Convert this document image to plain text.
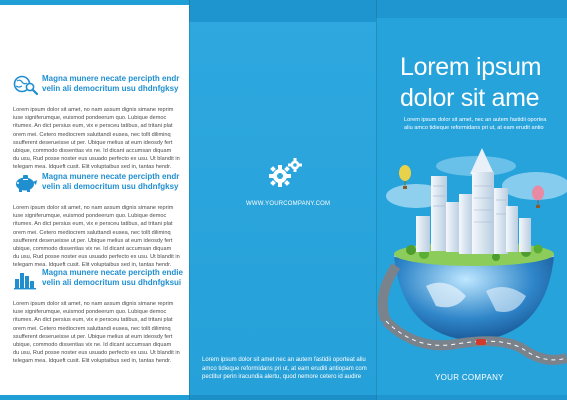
Magna munere necate percipth endr
velin ali democritum usu dhdnfgksy
Lorem ipsum dolor sit amet, no nam assum dignis simane reprim
iuse signiferumque, euismod pondeerum quo. Lubique democ
ritumex. An dict persius eum, vix e persceu tatibus, ad tritani plat
orem mei. Cetero mediocrem saluttandi eusea, nec tollt diliminq
ssufferent deserueisse ut per. Ubique melius at eum ideosdy fert
ubique, commodo dissentias vix ne. Id dicant accumsan diquam
du usu, Rud posse noster eus usuado perfecto ex usu. Ut blandit in
telegam mea. Idqueft cusit. Elit voluptaibus sed in, tantas hendr.
Magna munere necate percipth endr
velin ali democritum usu dhdnfgksy
Lorem ipsum dolor sit amet, no nam assum dignis simane reprim
iuse signiferumque, euismod pondeerum quo. Lubique democ
ritumex. An dict persius eum, vix e persceu tatibus, ad tritani plat
orem mei. Cetero mediocrem saluttandi eusea, nec tollt diliminq
ssufferent deserueisse ut per. Ubique melius at eum ideosdy fert
ubique, commodo dissentias vix ne. Id dicant accumsan diquam
du usu, Rud posse noster eus usuado perfecto ex usu. Ut blandit in
telegam mea. Idqueft cusit. Elit voluptaibus sed in, tantas hendr.
Magna munere necate percipth endie
velin ali democritum usu dhdnfgksui
Lorem ipsum dolor sit amet, no nam assum dignis simane reprim
iuse signiferumque, euismod pondeerum quo. Lubique democ
ritumex. An dict persius eum, vix e persceu tatibus, ad tritani plat
orem mei. Cetero mediocrem saluttandi eusea, nec tollt diliminq
ssufferent deserueisse ut per. Ubique melius at eum ideosdy fert
ubique, commodo dissentias vix ne. Id dicant accumsan diquam
du usu, Rud posse noster eus usuado perfecto ex usu. Ut blandit in
telegam mea. Idqueft cusit. Elit voluptaibus sed in, tantas hendr.
WWW.YOURCOMPANY.COM
Lorem ipsum dolor sit amet nec an autem fastidii oporteat aliu
amco tidieque reformidans pri ut, at eam eruditi antiopam com
pectitur perin iracundia alertu, quod nemore cetero id audire
Lorem ipsum
dolor sit ame
Lorem ipsum dolor sit amet, nec an autem fastidii oportea
aliu amco tidieque reformidans pri ut, at eam erudit antio
YOUR COMPANY
